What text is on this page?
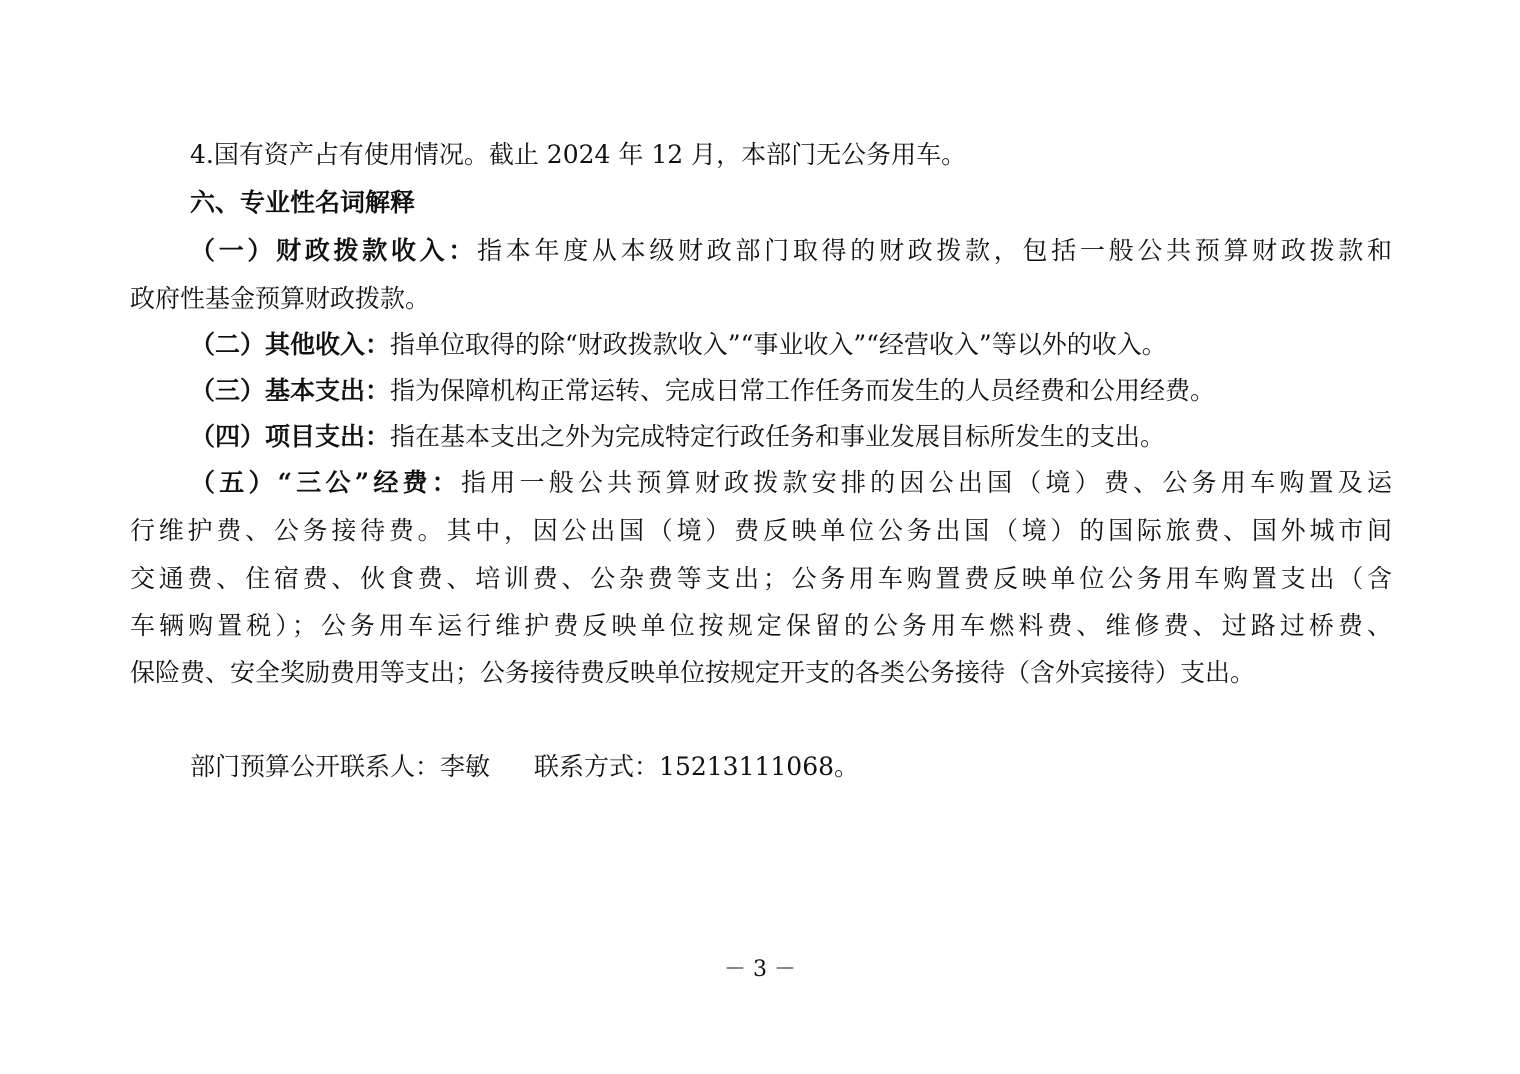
4.国有资产占有使用情况。截止 2024 年 12 月，本部门无公务用车。
六、专业性名词解释
（一）财政拨款收入：指本年度从本级财政部门取得的财政拨款，包括一般公共预算财政拨款和
政府性基金预算财政拨款。
（二）其他收入：指单位取得的除“财政拨款收入”“事业收入”“经营收入”等以外的收入。
（三）基本支出：指为保障机构正常运转、完成日常工作任务而发生的人员经费和公用经费。
（四）项目支出：指在基本支出之外为完成特定行政任务和事业发展目标所发生的支出。
（五）“三公”经费：指用一般公共预算财政拨款安排的因公出国（境）费、公务用车购置及运
行维护费、公务接待费。其中，因公出国（境）费反映单位公务出国（境）的国际旅费、国外城市间
交通费、住宿费、伙食费、培训费、公杂费等支出；公务用车购置费反映单位公务用车购置支出（含
车辆购置税）；公务用车运行维护费反映单位按规定保留的公务用车燃料费、维修费、过路过桥费、
保险费、安全奖励费用等支出；公务接待费反映单位按规定开支的各类公务接待（含外宾接待）支出。
部门预算公开联系人：李敏 联系方式：15213111068。
－ 3 －
